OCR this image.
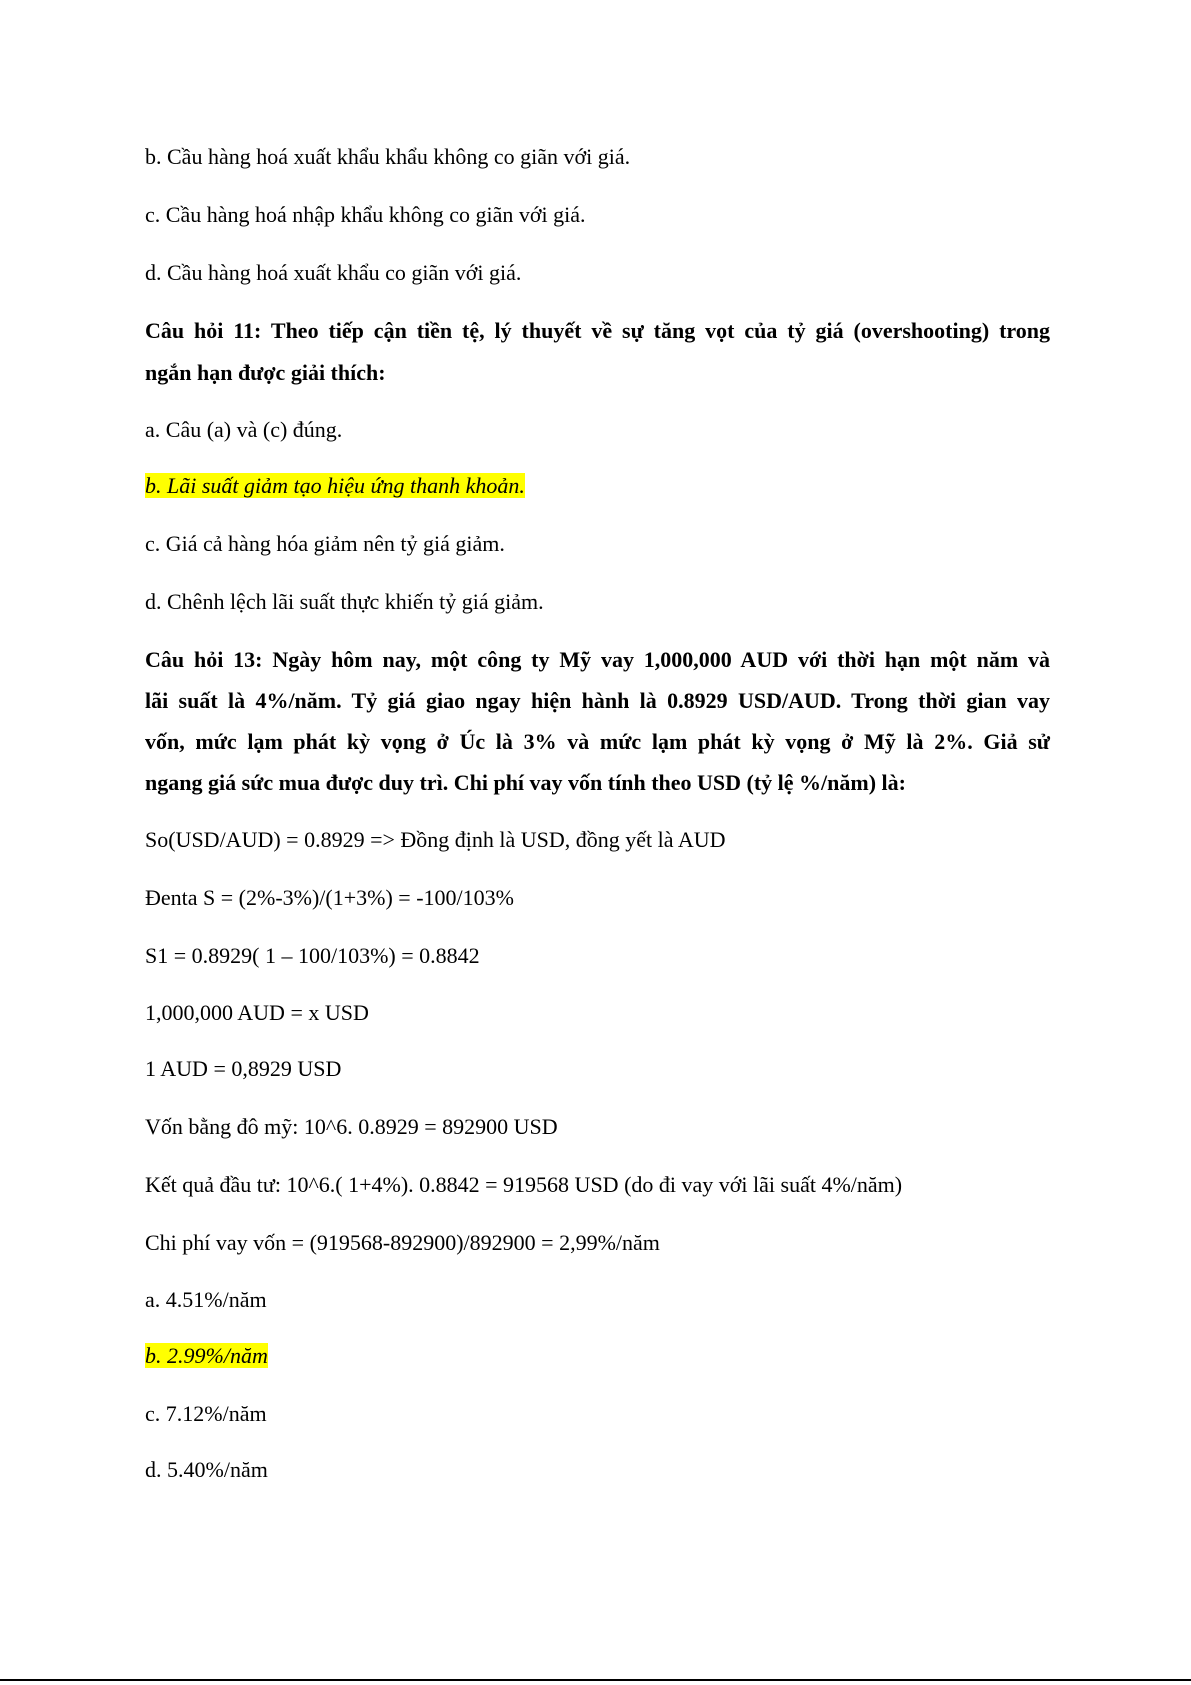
b. Cầu hàng hoá xuất khẩu khẩu không co giãn với giá.
c. Cầu hàng hoá nhập khẩu không co giãn với giá.
d. Cầu hàng hoá xuất khẩu co giãn với giá.
Câu hỏi 11: Theo tiếp cận tiền tệ, lý thuyết về sự tăng vọt của tỷ giá (overshooting) trong
ngắn hạn được giải thích:
a. Câu (a) và (c) đúng.
b. Lãi suất giảm tạo hiệu ứng thanh khoản.
c. Giá cả hàng hóa giảm nên tỷ giá giảm.
d. Chênh lệch lãi suất thực khiến tỷ giá giảm.
Câu hỏi 13: Ngày hôm nay, một công ty Mỹ vay 1,000,000 AUD với thời hạn một năm và
lãi suất là 4%/năm. Tỷ giá giao ngay hiện hành là 0.8929 USD/AUD. Trong thời gian vay
vốn, mức lạm phát kỳ vọng ở Úc là 3% và mức lạm phát kỳ vọng ở Mỹ là 2%. Giả sử
ngang giá sức mua được duy trì. Chi phí vay vốn tính theo USD (tỷ lệ %/năm) là:
So(USD/AUD) = 0.8929 => Đồng định là USD, đồng yết là AUD
Đenta S = (2%-3%)/(1+3%) = -100/103%
S1 = 0.8929( 1 – 100/103%) = 0.8842
1,000,000 AUD = x USD
1 AUD = 0,8929 USD
Vốn bằng đô mỹ: 10^6. 0.8929 = 892900 USD
Kết quả đầu tư: 10^6.( 1+4%). 0.8842 = 919568 USD (do đi vay với lãi suất 4%/năm)
Chi phí vay vốn = (919568-892900)/892900 = 2,99%/năm
a. 4.51%/năm
b. 2.99%/năm
c. 7.12%/năm
d. 5.40%/năm
